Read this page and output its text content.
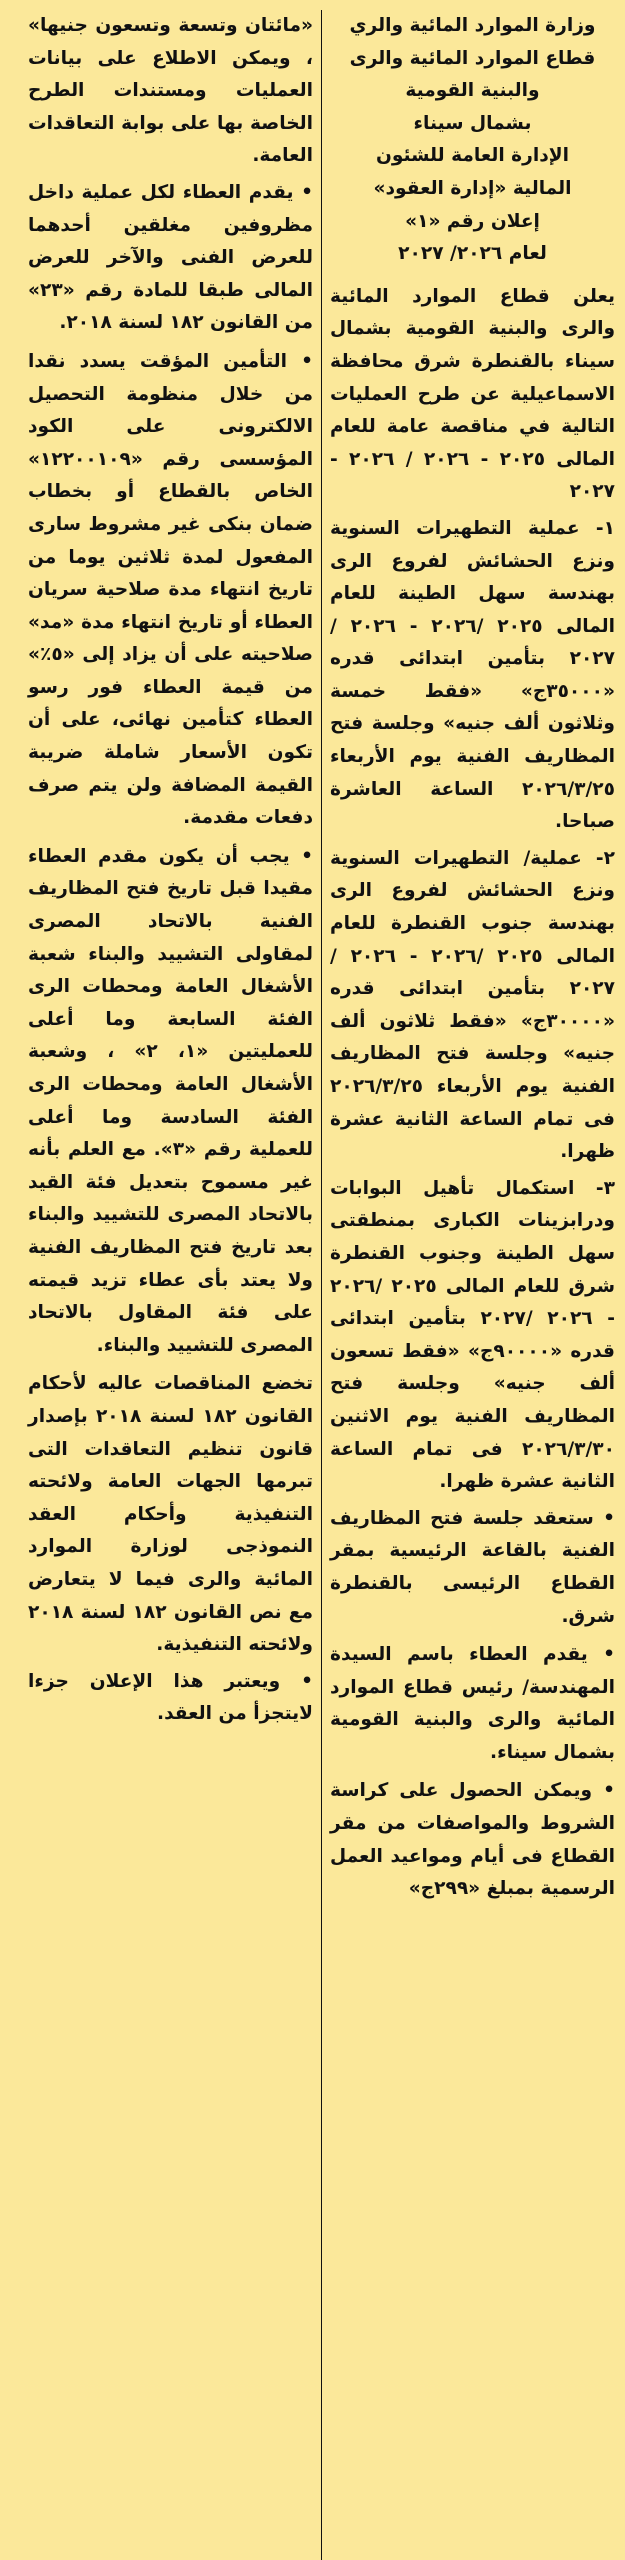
وزارة الموارد المائية والري
قطاع الموارد المائية والرى
والبنية القومية
بشمال سيناء
الإدارة العامة للشئون
المالية «إدارة العقود»
إعلان رقم «١»
لعام ٢٠٢٦/ ٢٠٢٧
يعلن قطاع الموارد المائية والرى والبنية القومية بشمال سيناء بالقنطرة شرق محافظة الاسماعيلية عن طرح العمليات التالية في مناقصة عامة للعام المالى ٢٠٢٥ - ٢٠٢٦ / ٢٠٢٦ - ٢٠٢٧
١- عملية التطهيرات السنوية ونزع الحشائش لفروع الرى بهندسة سهل الطينة للعام المالى ٢٠٢٥ /٢٠٢٦ - ٢٠٢٦ / ٢٠٢٧ بتأمين ابتدائى قدره «٣٥٠٠٠ج» «فقط خمسة وثلاثون ألف جنيه» وجلسة فتح المظاريف الفنية يوم الأربعاء ٢٠٢٦/٣/٢٥ الساعة العاشرة صباحا.
٢- عملية/ التطهيرات السنوية ونزع الحشائش لفروع الرى بهندسة جنوب القنطرة للعام المالى ٢٠٢٥ /٢٠٢٦ - ٢٠٢٦ / ٢٠٢٧ بتأمين ابتدائى قدره «٣٠٠٠٠ج» «فقط ثلاثون ألف جنيه» وجلسة فتح المظاريف الفنية يوم الأربعاء ٢٠٢٦/٣/٢٥ فى تمام الساعة الثانية عشرة ظهرا.
٣- استكمال تأهيل البوابات ودرابزينات الكبارى بمنطقتى سهل الطينة وجنوب القنطرة شرق للعام المالى ٢٠٢٥ /٢٠٢٦ - ٢٠٢٦ /٢٠٢٧ بتأمين ابتدائى قدره «٩٠٠٠٠ج» «فقط تسعون ألف جنيه» وجلسة فتح المظاريف الفنية يوم الاثنين ٢٠٢٦/٣/٣٠ فى تمام الساعة الثانية عشرة ظهرا.
• ستعقد جلسة فتح المظاريف الفنية بالقاعة الرئيسية بمقر القطاع الرئيسى بالقنطرة شرق.
• يقدم العطاء باسم السيدة المهندسة/ رئيس قطاع الموارد المائية والرى والبنية القومية بشمال سيناء.
• ويمكن الحصول على كراسة الشروط والمواصفات من مقر القطاع فى أيام ومواعيد العمل الرسمية بمبلغ «٢٩٩ج»
«مائتان وتسعة وتسعون جنيها» ، ويمكن الاطلاع على بيانات العمليات ومستندات الطرح الخاصة بها على بوابة التعاقدات العامة.
• يقدم العطاء لكل عملية داخل مظروفين مغلقين أحدهما للعرض الفنى والآخر للعرض المالى طبقا للمادة رقم «٢٣» من القانون ١٨٢ لسنة ٢٠١٨.
• التأمين المؤقت يسدد نقدا من خلال منظومة التحصيل الالكترونى على الكود المؤسسى رقم «١٢٢٠٠١٠٩» الخاص بالقطاع أو بخطاب ضمان بنكى غير مشروط سارى المفعول لمدة ثلاثين يوما من تاريخ انتهاء مدة صلاحية سريان العطاء أو تاريخ انتهاء مدة «مد» صلاحيته على أن يزاد إلى «٥٪» من قيمة العطاء فور رسو العطاء كتأمين نهائى، على أن تكون الأسعار شاملة ضريبة القيمة المضافة ولن يتم صرف دفعات مقدمة.
• يجب أن يكون مقدم العطاء مقيدا قبل تاريخ فتح المظاريف الفنية بالاتحاد المصرى لمقاولى التشييد والبناء شعبة الأشغال العامة ومحطات الرى الفئة السابعة وما أعلى للعمليتين «١، ٢» ، وشعبة الأشغال العامة ومحطات الرى الفئة السادسة وما أعلى للعملية رقم «٣». مع العلم بأنه غير مسموح بتعديل فئة القيد بالاتحاد المصرى للتشييد والبناء بعد تاريخ فتح المظاريف الفنية ولا يعتد بأى عطاء تزيد قيمته على فئة المقاول بالاتحاد المصرى للتشييد والبناء.
تخضع المناقصات عاليه لأحكام القانون ١٨٢ لسنة ٢٠١٨ بإصدار قانون تنظيم التعاقدات التى تبرمها الجهات العامة ولائحته التنفيذية وأحكام العقد النموذجى لوزارة الموارد المائية والرى فيما لا يتعارض مع نص القانون ١٨٢ لسنة ٢٠١٨ ولائحته التنفيذية.
• ويعتبر هذا الإعلان جزءا لايتجزأ من العقد.
